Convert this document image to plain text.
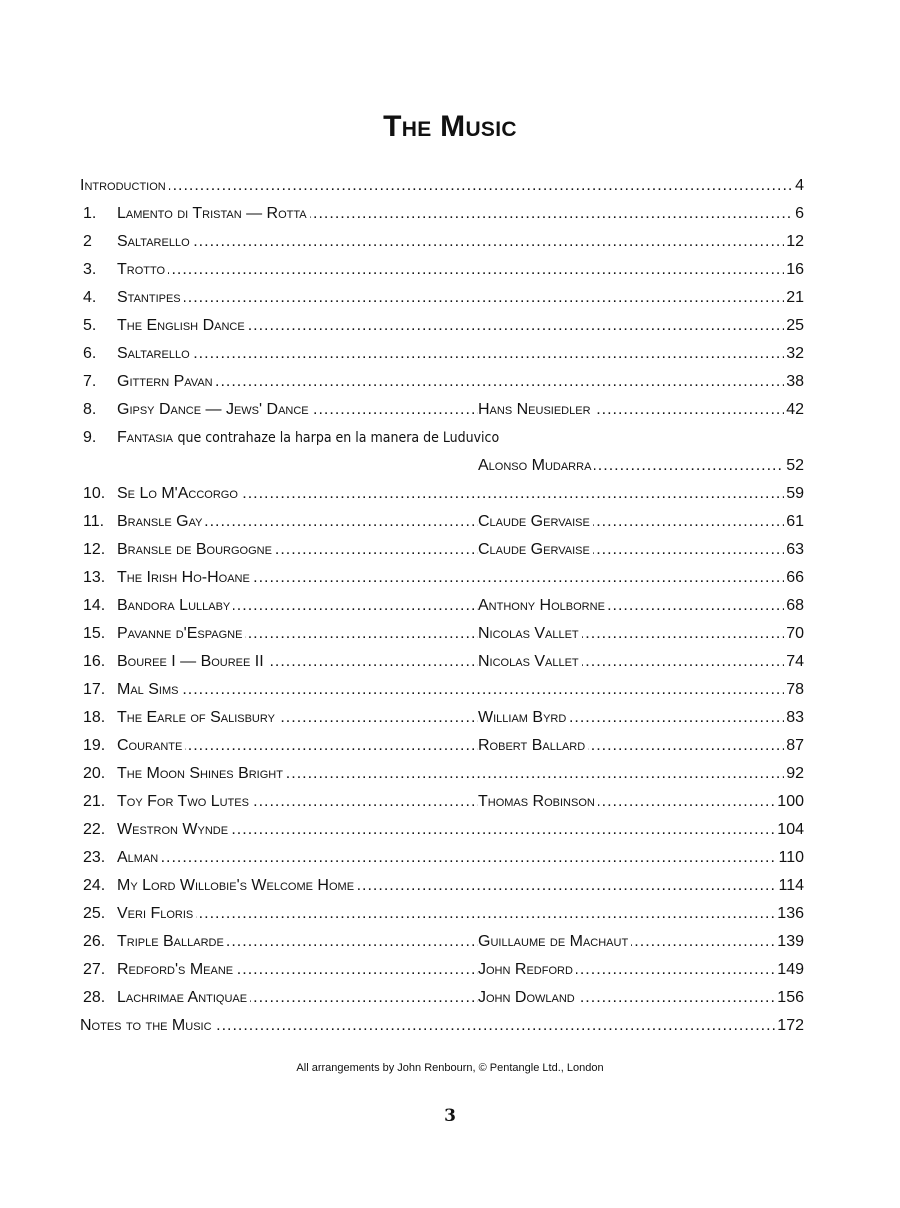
The Music
.....
Introduction	4
.....
1. Lamento di Tristan — Rotta	6
.....
2 Saltarello	12
.....
3. Trotto	16
.....
4. Stantipes	21
.....
5. The English Dance	25
.....
6. Saltarello	32
.....
7. Gittern Pavan	38
.....
8. Gipsy Dance — Jews' Dance	Hans Neusiedler	42
9. Fantasia que contrahaze la harpa en la manera de Luduvico
.....
Alonso Mudarra	52
.....
10. Se Lo M'Accorgo	59
.....
11. Bransle Gay	Claude Gervaise	61
.....
12. Bransle de Bourgogne	Claude Gervaise	63
.....
13. The Irish Ho-Hoane	66
.....
14. Bandora Lullaby	Anthony Holborne	68
.....
15. Pavanne d'Espagne	Nicolas Vallet	70
.....
16. Bouree I — Bouree II	Nicolas Vallet	74
.....
17. Mal Sims	78
.....
18. The Earle of Salisbury	William Byrd	83
.....
19. Courante	Robert Ballard	87
.....
20. The Moon Shines Bright	92
.....
21. Toy For Two Lutes	Thomas Robinson	100
.....
22. Westron Wynde	104
.....
23. Alman	110
.....
24. My Lord Willobie's Welcome Home	114
.....
25. Veri Floris	136
.....
26. Triple Ballarde	Guillaume de Machaut	139
.....
27. Redford's Meane	John Redford	149
.....
28. Lachrimae Antiquae	John Dowland	156
.....
Notes to the Music	172
All arrangements by John Renbourn, © Pentangle Ltd., London
3
